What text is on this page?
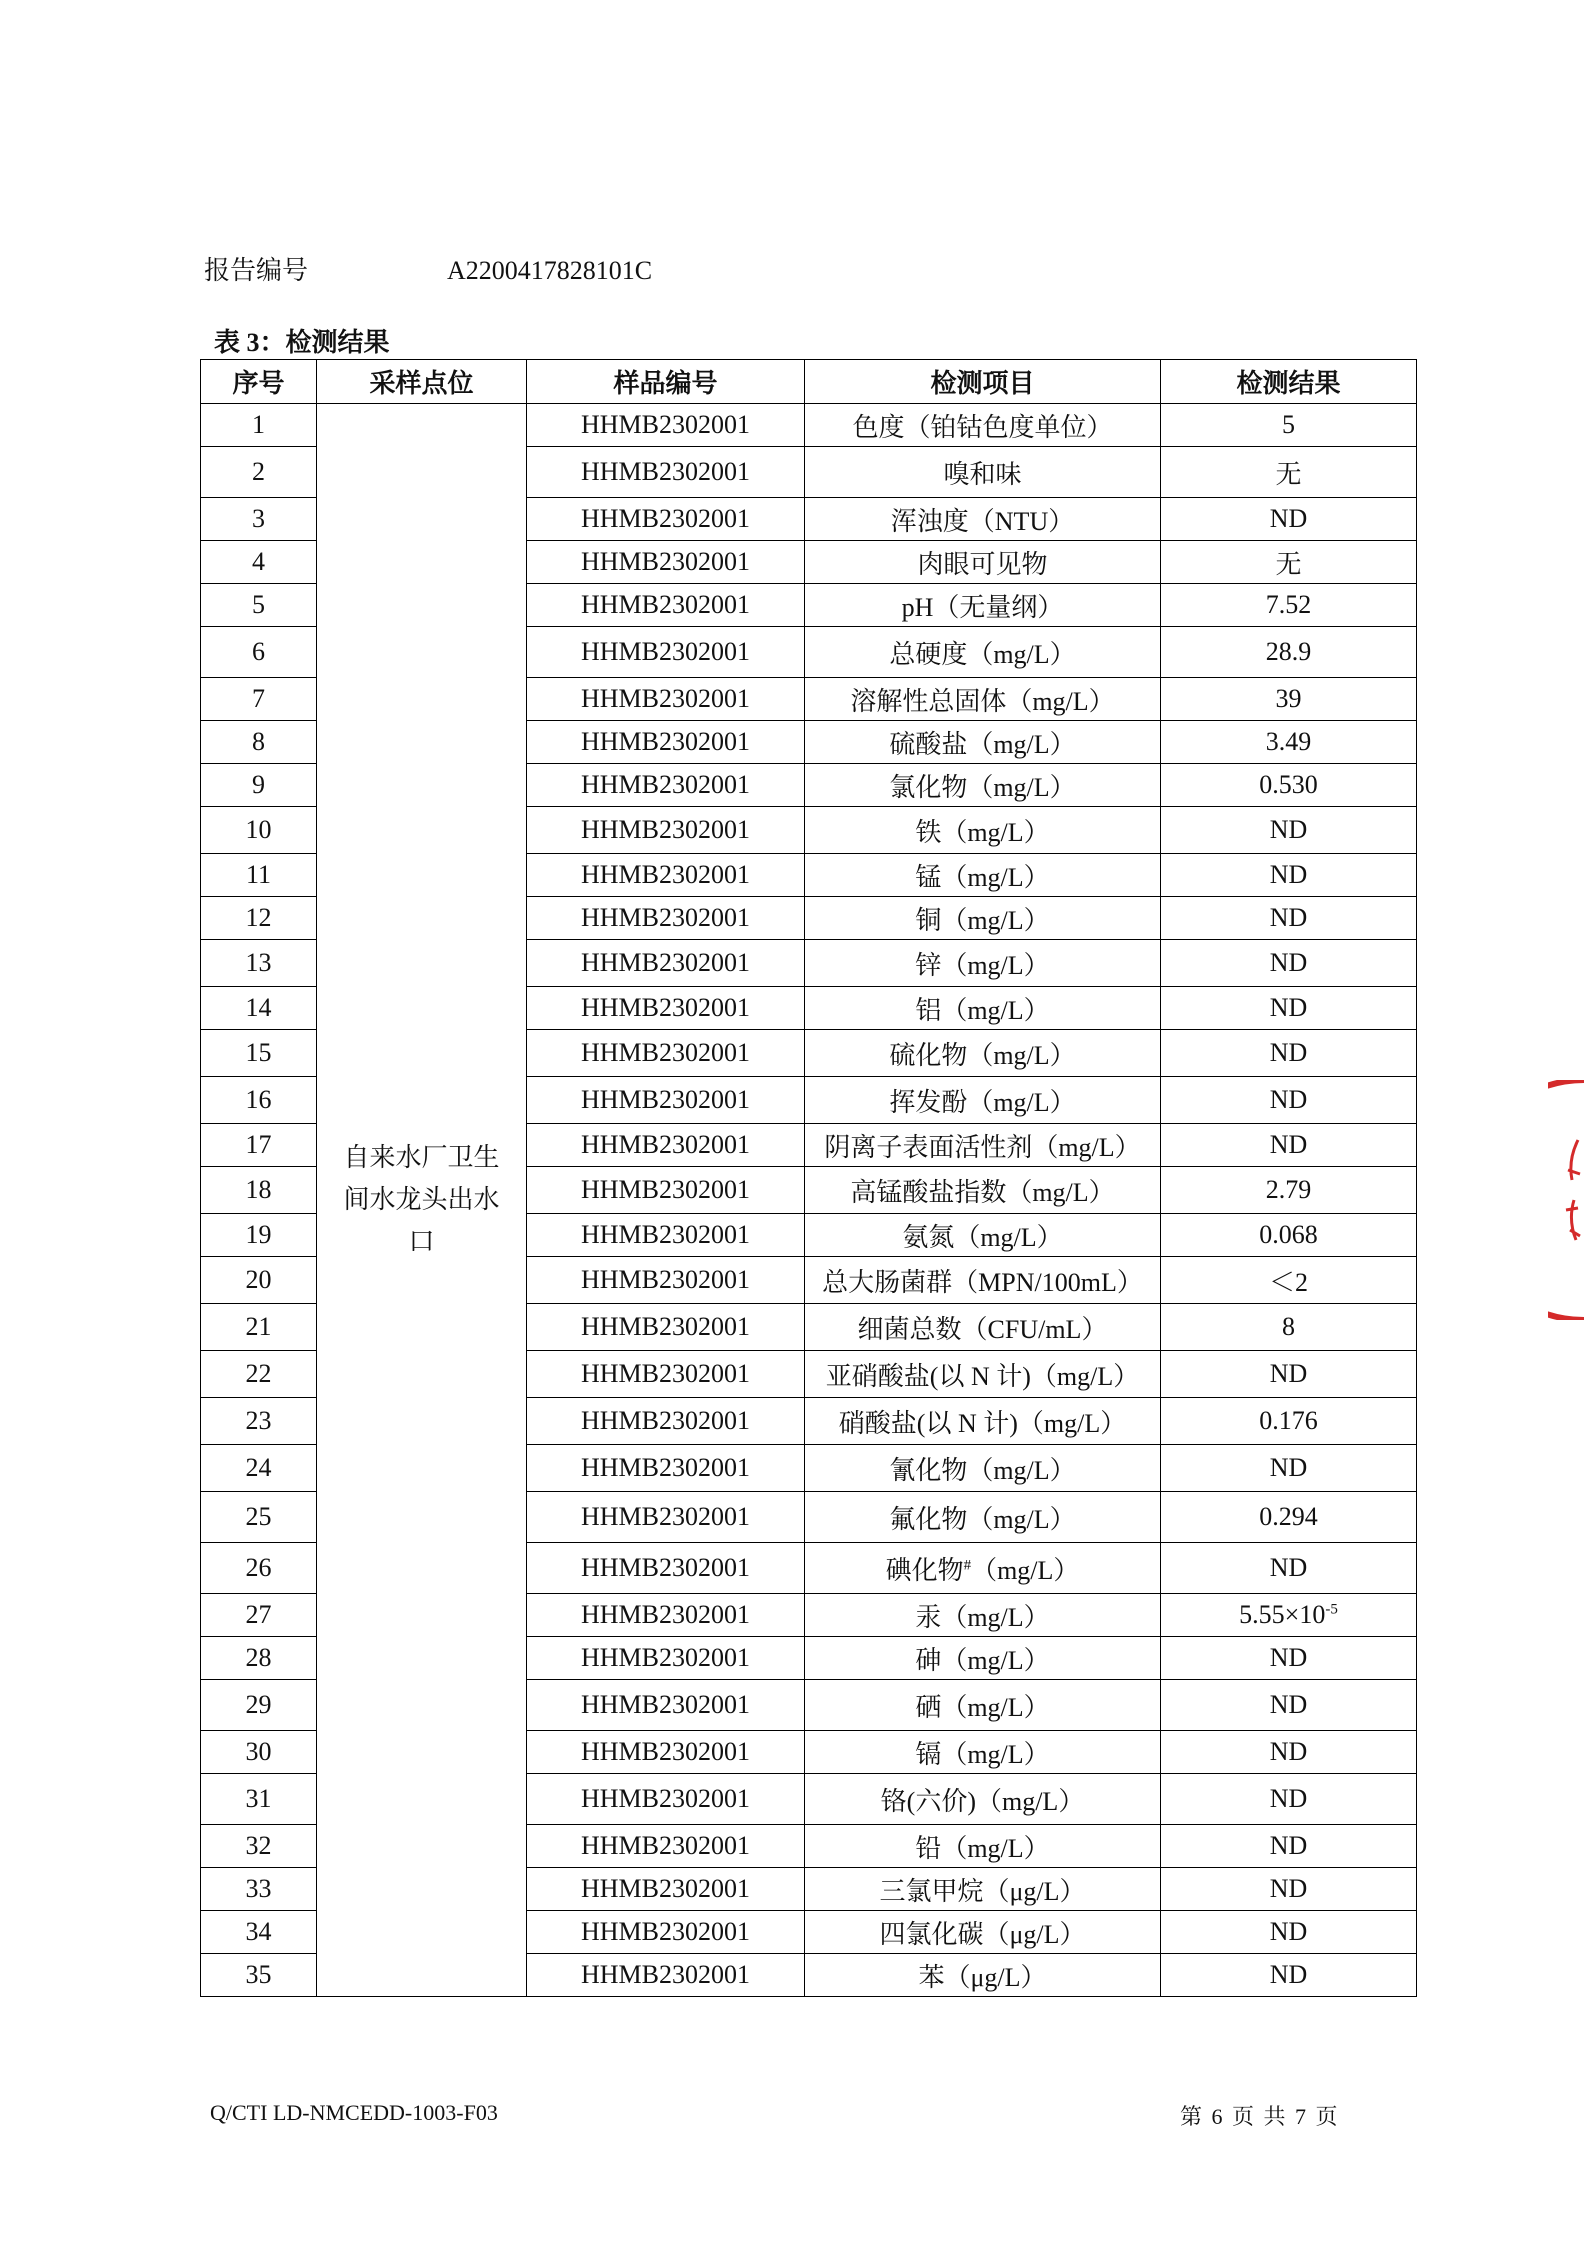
报告编号	A2200417828101C
表 3：检测结果
序号	采样点位	样品编号	检测项目	检测结果
1	自来水厂卫生间水龙头出水口	HHMB2302001	色度（铂钴色度单位）	5
2		HHMB2302001	嗅和味	无
3		HHMB2302001	浑浊度（NTU）	ND
4		HHMB2302001	肉眼可见物	无
5		HHMB2302001	pH（无量纲）	7.52
6		HHMB2302001	总硬度（mg/L）	28.9
7		HHMB2302001	溶解性总固体（mg/L）	39
8		HHMB2302001	硫酸盐（mg/L）	3.49
9		HHMB2302001	氯化物（mg/L）	0.530
10		HHMB2302001	铁（mg/L）	ND
11		HHMB2302001	锰（mg/L）	ND
12		HHMB2302001	铜（mg/L）	ND
13		HHMB2302001	锌（mg/L）	ND
14		HHMB2302001	铝（mg/L）	ND
15		HHMB2302001	硫化物（mg/L）	ND
16		HHMB2302001	挥发酚（mg/L）	ND
17		HHMB2302001	阴离子表面活性剂（mg/L）	ND
18		HHMB2302001	高锰酸盐指数（mg/L）	2.79
19		HHMB2302001	氨氮（mg/L）	0.068
20		HHMB2302001	总大肠菌群（MPN/100mL）	＜2
21		HHMB2302001	细菌总数（CFU/mL）	8
22		HHMB2302001	亚硝酸盐(以 N 计)（mg/L）	ND
23		HHMB2302001	硝酸盐(以 N 计)（mg/L）	0.176
24		HHMB2302001	氰化物（mg/L）	ND
25		HHMB2302001	氟化物（mg/L）	0.294
26		HHMB2302001	碘化物#（mg/L）	ND
27		HHMB2302001	汞（mg/L）	$5.55\times 10^{-5}$
28		HHMB2302001	砷（mg/L）	ND
29		HHMB2302001	硒（mg/L）	ND
30		HHMB2302001	镉（mg/L）	ND
31		HHMB2302001	铬(六价)（mg/L）	ND
32		HHMB2302001	铅（mg/L）	ND
33		HHMB2302001	三氯甲烷（μg/L）	ND
34		HHMB2302001	四氯化碳（μg/L）	ND
35		HHMB2302001	苯（μg/L）	ND
Q/CTI LD-NMCEDD-1003-F03	第 6 页 共 7 页
